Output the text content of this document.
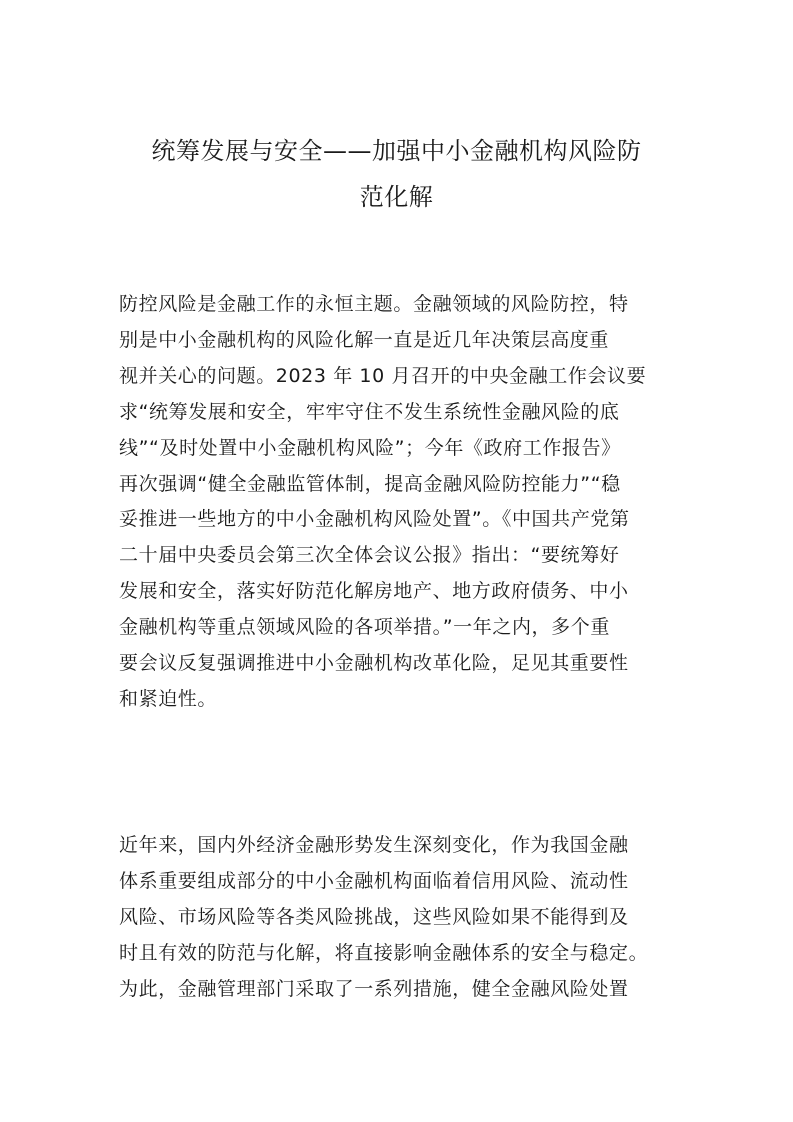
统筹发展与安全——加强中小金融机构风险防
范化解

防控风险是金融工作的永恒主题。金融领域的风险防控，特
别是中小金融机构的风险化解一直是近几年决策层高度重
视并关心的问题。2023 年 10 月召开的中央金融工作会议要
求“统筹发展和安全，牢牢守住不发生系统性金融风险的底
线”“及时处置中小金融机构风险”；今年《政府工作报告》
再次强调“健全金融监管体制，提高金融风险防控能力”“稳
妥推进一些地方的中小金融机构风险处置”。《中国共产党第
二十届中央委员会第三次全体会议公报》指出：“要统筹好
发展和安全，落实好防范化解房地产、地方政府债务、中小
金融机构等重点领域风险的各项举措。”一年之内，多个重
要会议反复强调推进中小金融机构改革化险，足见其重要性
和紧迫性。

近年来，国内外经济金融形势发生深刻变化，作为我国金融
体系重要组成部分的中小金融机构面临着信用风险、流动性
风险、市场风险等各类风险挑战，这些风险如果不能得到及
时且有效的防范与化解，将直接影响金融体系的安全与稳定。
为此，金融管理部门采取了一系列措施，健全金融风险处置
